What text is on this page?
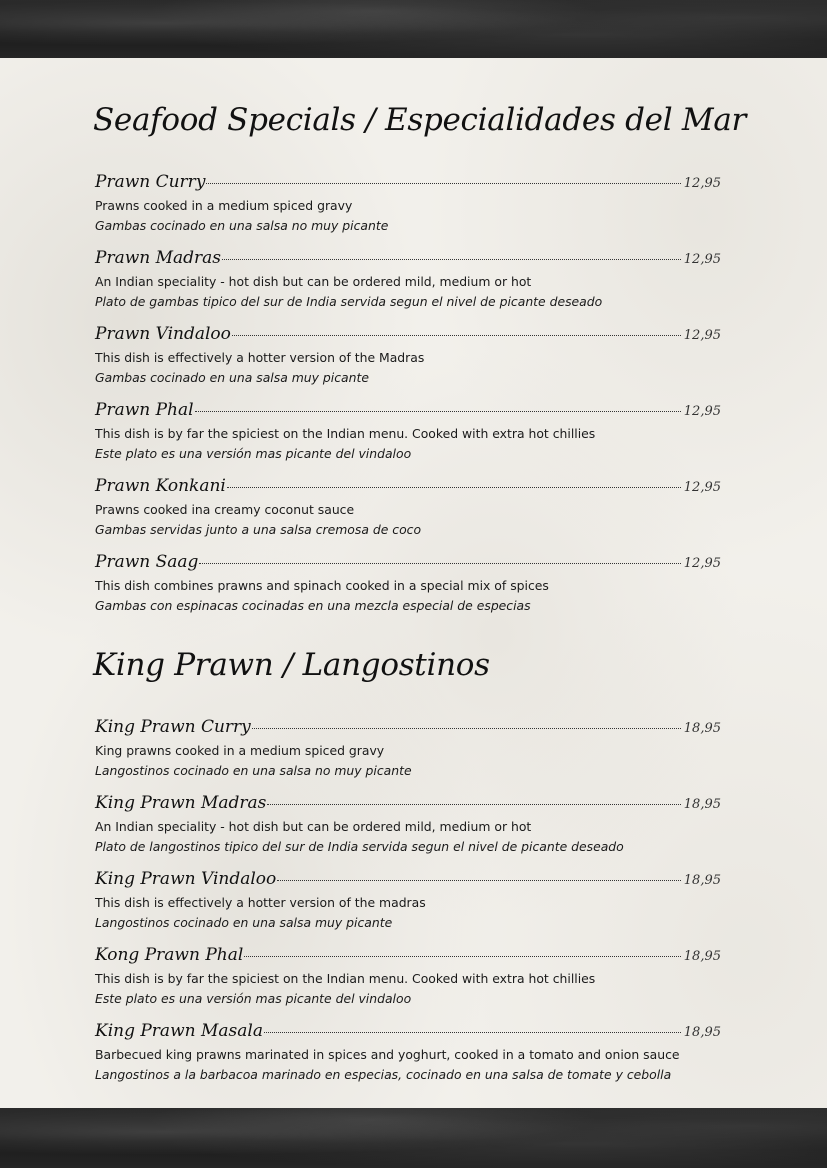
Seafood Specials / Especialidades del Mar
Prawn Curry	12,95
Prawns cooked in a medium spiced gravy
Gambas cocinado en una salsa no muy picante
Prawn Madras	12,95
An Indian speciality - hot dish but can be ordered mild, medium or hot
Plato de gambas tipico del sur de India servida segun el nivel de picante deseado
Prawn Vindaloo	12,95
This dish is effectively a hotter version of the Madras
Gambas cocinado en una salsa muy picante
Prawn Phal	12,95
This dish is by far the spiciest on the Indian menu. Cooked with extra hot chillies
Este plato es una versión mas picante del vindaloo
Prawn Konkani	12,95
Prawns cooked ina creamy coconut sauce
Gambas servidas junto a una salsa cremosa de coco
Prawn Saag	12,95
This dish combines prawns and spinach cooked in a special mix of spices
Gambas con espinacas cocinadas en una mezcla especial de especias
King Prawn / Langostinos
King Prawn Curry	18,95
King prawns cooked in a medium spiced gravy
Langostinos cocinado en una salsa no muy picante
King Prawn Madras	18,95
An Indian speciality - hot dish but can be ordered mild, medium or hot
Plato de langostinos tipico del sur de India servida segun el nivel de picante deseado
King Prawn Vindaloo	18,95
This dish is effectively a hotter version of the madras
Langostinos cocinado en una salsa muy picante
Kong Prawn Phal	18,95
This dish is by far the spiciest on the Indian menu. Cooked with extra hot chillies
Este plato es una versión mas picante del vindaloo
King Prawn Masala	18,95
Barbecued king prawns marinated in spices and yoghurt, cooked in a tomato and onion sauce
Langostinos a la barbacoa marinado en especias, cocinado en una salsa de tomate y cebolla
